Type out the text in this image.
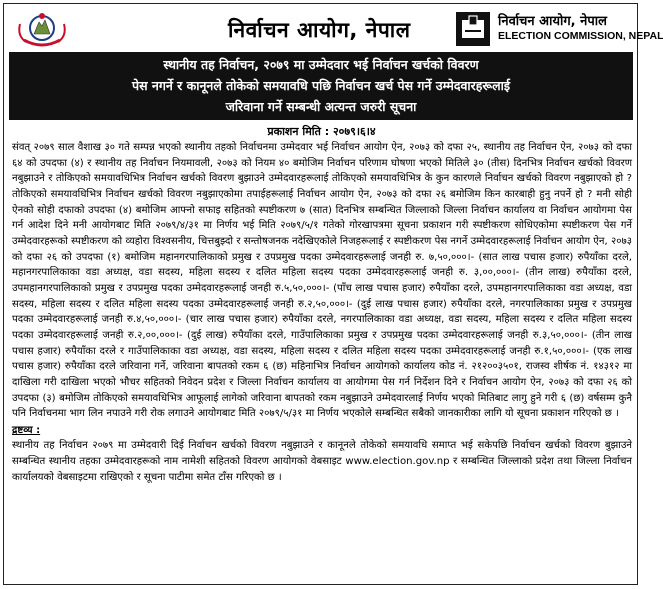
निर्वाचन आयोग, नेपाल	निर्वाचन आयोग, नेपाल
ELECTION COMMISSION, NEPAL
स्थानीय तह निर्वाचन, २०७९ मा उम्मेदवार भई निर्वाचन खर्चको विवरण
पेस नगर्ने र कानूनले तोकेको समयावधि पछि निर्वाचन खर्च पेस गर्ने उम्मेदवारहरूलाई
जरिवाना गर्ने सम्बन्धी अत्यन्त जरुरी सूचना
प्रकाशन मिति : २०७९।६।४

संवत् २०७९ साल वैशाख ३० गते सम्पन्न भएको स्थानीय तहको निर्वाचनमा उम्मेदवार भई निर्वाचन आयोग ऐन, २०७३ को दफा २५, स्थानीय तह निर्वाचन ऐन, २०७३ को दफा ६४ को उपदफा (४) र स्थानीय तह निर्वाचन नियमावली, २०७३ को नियम ४० बमोजिम निर्वाचन परिणाम घोषणा भएको मितिले ३० (तीस) दिनभित्र निर्वाचन खर्चको विवरण नबुझाउने र तोकिएको समयावधिभित्र निर्वाचन खर्चको विवरण बुझाउने उम्मेदवारहरूलाई तोकिएको समयावधिभित्र के कुन कारणले निर्वाचन खर्चको विवरण नबुझाएको हो ? तोकिएको समयावधिभित्र निर्वाचन खर्चको विवरण नबुझाएकोमा तपाईहरूलाई निर्वाचन आयोग ऐन, २०७३ को दफा २६ बमोजिम किन कारबाही हुनु नपर्ने हो ? मनी सोही ऐनको सोही दफाको उपदफा (४) बमोजिम आफ्नो सफाइ सहितको स्पष्टीकरण ७ (सात) दिनभित्र सम्बन्धित जिल्लाको जिल्ला निर्वाचन कार्यालय वा निर्वाचन आयोगमा पेस गर्न आदेश दिने मनी आयोगबाट मिति २०७९/४/३१ मा निर्णय भई मिति २०७९/५/१ गतेको गोरखापत्रमा सूचना प्रकाशन गरी स्पष्टीकरण सोधिएकोमा स्पष्टीकरण पेस गर्ने उम्मेदवारहरूको स्पष्टीकरण को व्यहोरा विश्वसनीय, चित्तबुझ्दो र सन्तोषजनक नदेखिएकोले निजहरूलाई र स्पष्टीकरण पेस नगर्ने उम्मेदवारहरूलाई निर्वाचन आयोग ऐन, २०७३ को दफा २६ को उपदफा (१) बमोजिम महानगरपालिकाको प्रमुख र उपप्रमुख पदका उम्मेदवारहरूलाई जनही रु. ७,५०,०००।- (सात लाख पचास हजार) रुपैयाँका दरले, महानगरपालिकाका वडा अध्यक्ष, वडा सदस्य, महिला सदस्य र दलित महिला सदस्य पदका उम्मेदवारहरूलाई जनही रु. ३,००,०००।- (तीन लाख) रुपैयाँका दरले, उपमहानगरपालिकाको प्रमुख र उपप्रमुख पदका उम्मेदवारहरूलाई जनही रु.५,५०,०००।- (पाँच लाख पचास हजार) रुपैयाँका दरले, उपमहानगरपालिकाका वडा अध्यक्ष, वडा सदस्य, महिला सदस्य र दलित महिला सदस्य पदका उम्मेदवारहरूलाई जनही रु.२,५०,०००।- (दुई लाख पचास हजार) रुपैयाँका दरले, नगरपालिकाका प्रमुख र उपप्रमुख पदका उम्मेदवारहरूलाई जनही रु.४,५०,०००।- (चार लाख पचास हजार) रुपैयाँका दरले, नगरपालिकाका वडा अध्यक्ष, वडा सदस्य, महिला सदस्य र दलित महिला सदस्य पदका उम्मेदवारहरूलाई जनही रु.२,००,०००।- (दुई लाख) रुपैयाँका दरले, गाउँपालिकाका प्रमुख र उपप्रमुख पदका उम्मेदवारहरूलाई जनही रु.३,५०,०००।- (तीन लाख पचास हजार) रुपैयाँका दरले र गाउँपालिकाका वडा अध्यक्ष, वडा सदस्य, महिला सदस्य र दलित महिला सदस्य पदका उम्मेदवारहरूलाई जनही रु.१,५०,०००।- (एक लाख पचास हजार) रुपैयाँका दरले जरिवाना गर्ने, जरिवाना बापतको रकम ६ (छ) महिनाभित्र निर्वाचन आयोगको कार्यालय कोड नं. २१२००३५०१, राजस्व शीर्षक नं. १४३१२ मा दाखिला गरी दाखिला भएको भौचर सहितको निवेदन प्रदेश र जिल्ला निर्वाचन कार्यालय वा आयोगमा पेस गर्न निर्देशन दिने र निर्वाचन आयोग ऐन, २०७३ को दफा २६ को उपदफा (३) बमोजिम तोकिएको समयावधिभित्र आफूलाई लागेको जरिवाना बापतको रकम नबुझाउने उम्मेदवारलाई निर्णय भएको मितिबाट लागु हुने गरी ६ (छ) वर्षसम्म कुनै पनि निर्वाचनमा भाग लिन नपाउने गरी रोक लगाउने आयोगबाट मिति २०७९/५/३१ मा निर्णय भएकोले सम्बन्धित सबैको जानकारीका लागि यो सूचना प्रकाशन गरिएको छ ।

द्रष्टव्य :

स्थानीय तह निर्वाचन २०७९ मा उम्मेदवारी दिई निर्वाचन खर्चको विवरण नबुझाउने र कानूनले तोकेको समयावधि समाप्त भई सकेपछि निर्वाचन खर्चको विवरण बुझाउने सम्बन्धित स्थानीय तहका उम्मेदवारहरूको नाम नामेशी सहितको विवरण आयोगको वेबसाइट www.election.gov.np र सम्बन्धित जिल्लाको प्रदेश तथा जिल्ला निर्वाचन कार्यालयको वेबसाइटमा राखिएको र सूचना पाटीमा समेत टाँस गरिएको छ ।
